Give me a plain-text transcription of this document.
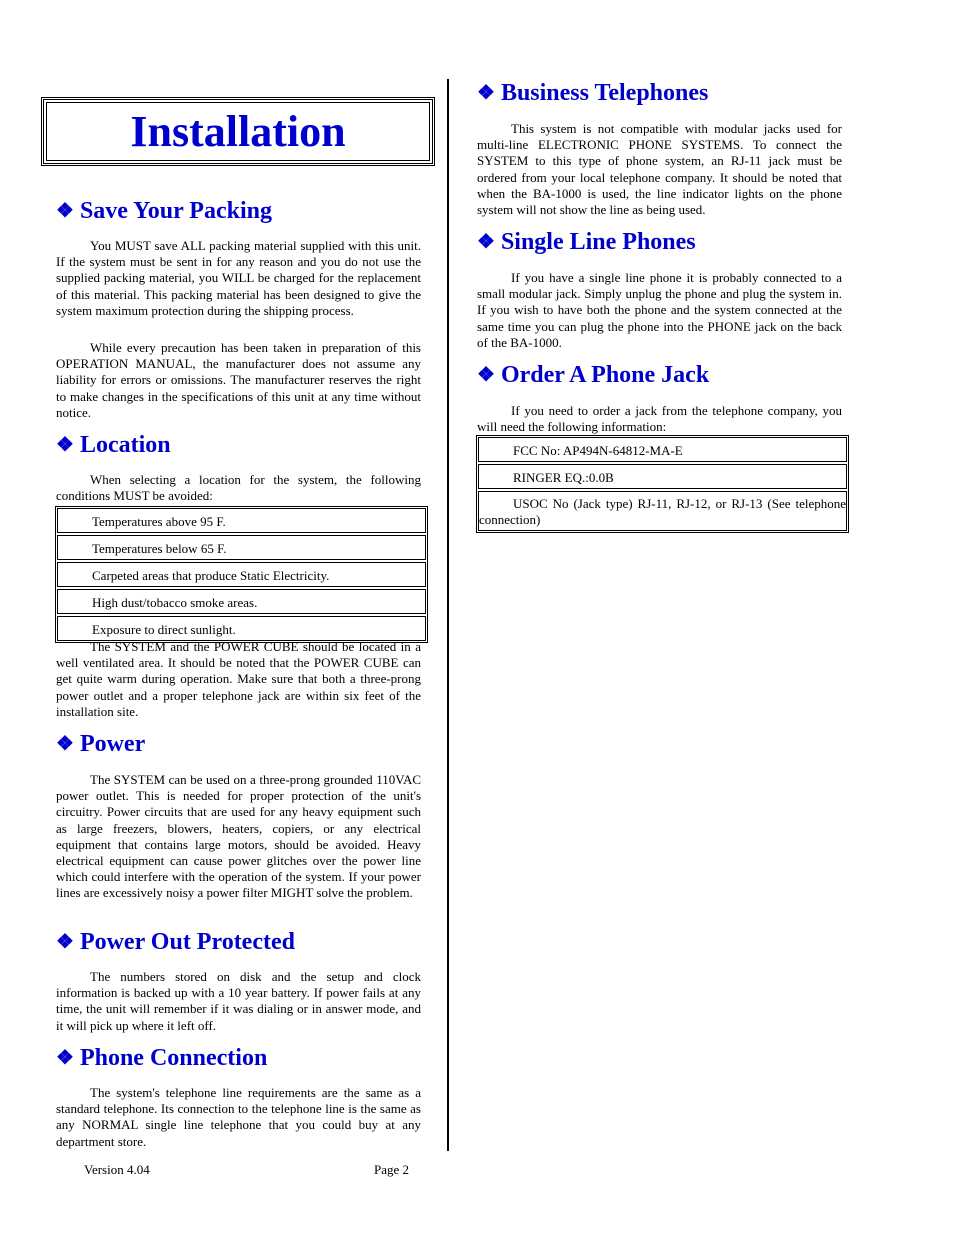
Installation
❖ Save Your Packing

You MUST save ALL packing material supplied with this unit. If the system must be sent in for any reason and you do not use the supplied packing material, you WILL be charged for the replacement of this material. This packing material has been designed to give the system maximum protection during the shipping process.

While every precaution has been taken in preparation of this OPERATION MANUAL, the manufacturer does not assume any liability for errors or omissions. The manufacturer reserves the right to make changes in the specifications of this unit at any time without notice.

❖ Location

When selecting a location for the system, the following conditions MUST be avoided:

Temperatures above 95 F.
Temperatures below 65 F.
Carpeted areas that produce Static Electricity.
High dust/tobacco smoke areas.
Exposure to direct sunlight.

The SYSTEM and the POWER CUBE should be located in a well ventilated area. It should be noted that the POWER CUBE can get quite warm during operation. Make sure that both a three-prong power outlet and a proper telephone jack are within six feet of the installation site.

❖ Power

The SYSTEM can be used on a three-prong grounded 110VAC power outlet. This is needed for proper protection of the unit's circuitry. Power circuits that are used for any heavy equipment such as large freezers, blowers, heaters, copiers, or any electrical equipment that contains large motors, should be avoided. Heavy electrical equipment can cause power glitches over the power line which could interfere with the operation of the system. If your power lines are excessively noisy a power filter MIGHT solve the problem.

❖ Power Out Protected

The numbers stored on disk and the setup and clock information is backed up with a 10 year battery. If power fails at any time, the unit will remember if it was dialing or in answer mode, and it will pick up where it left off.

❖ Phone Connection

The system's telephone line requirements are the same as a standard telephone. Its connection to the telephone line is the same as any NORMAL single line telephone that you could buy at any department store.

❖ Business Telephones

This system is not compatible with modular jacks used for multi-line ELECTRONIC PHONE SYSTEMS. To connect the SYSTEM to this type of phone system, an RJ-11 jack must be ordered from your local telephone company. It should be noted that when the BA-1000 is used, the line indicator lights on the phone system will not show the line as being used.

❖ Single Line Phones

If you have a single line phone it is probably connected to a small modular jack. Simply unplug the phone and plug the system in. If you wish to have both the phone and the system connected at the same time you can plug the phone into the PHONE jack on the back of the BA-1000.

❖ Order A Phone Jack

If you need to order a jack from the telephone company, you will need the following information:

FCC No: AP494N-64812-MA-E
RINGER EQ.:0.0B
USOC No (Jack type) RJ-11, RJ-12, or RJ-13 (See telephone connection)
Version 4.04	Page 2
